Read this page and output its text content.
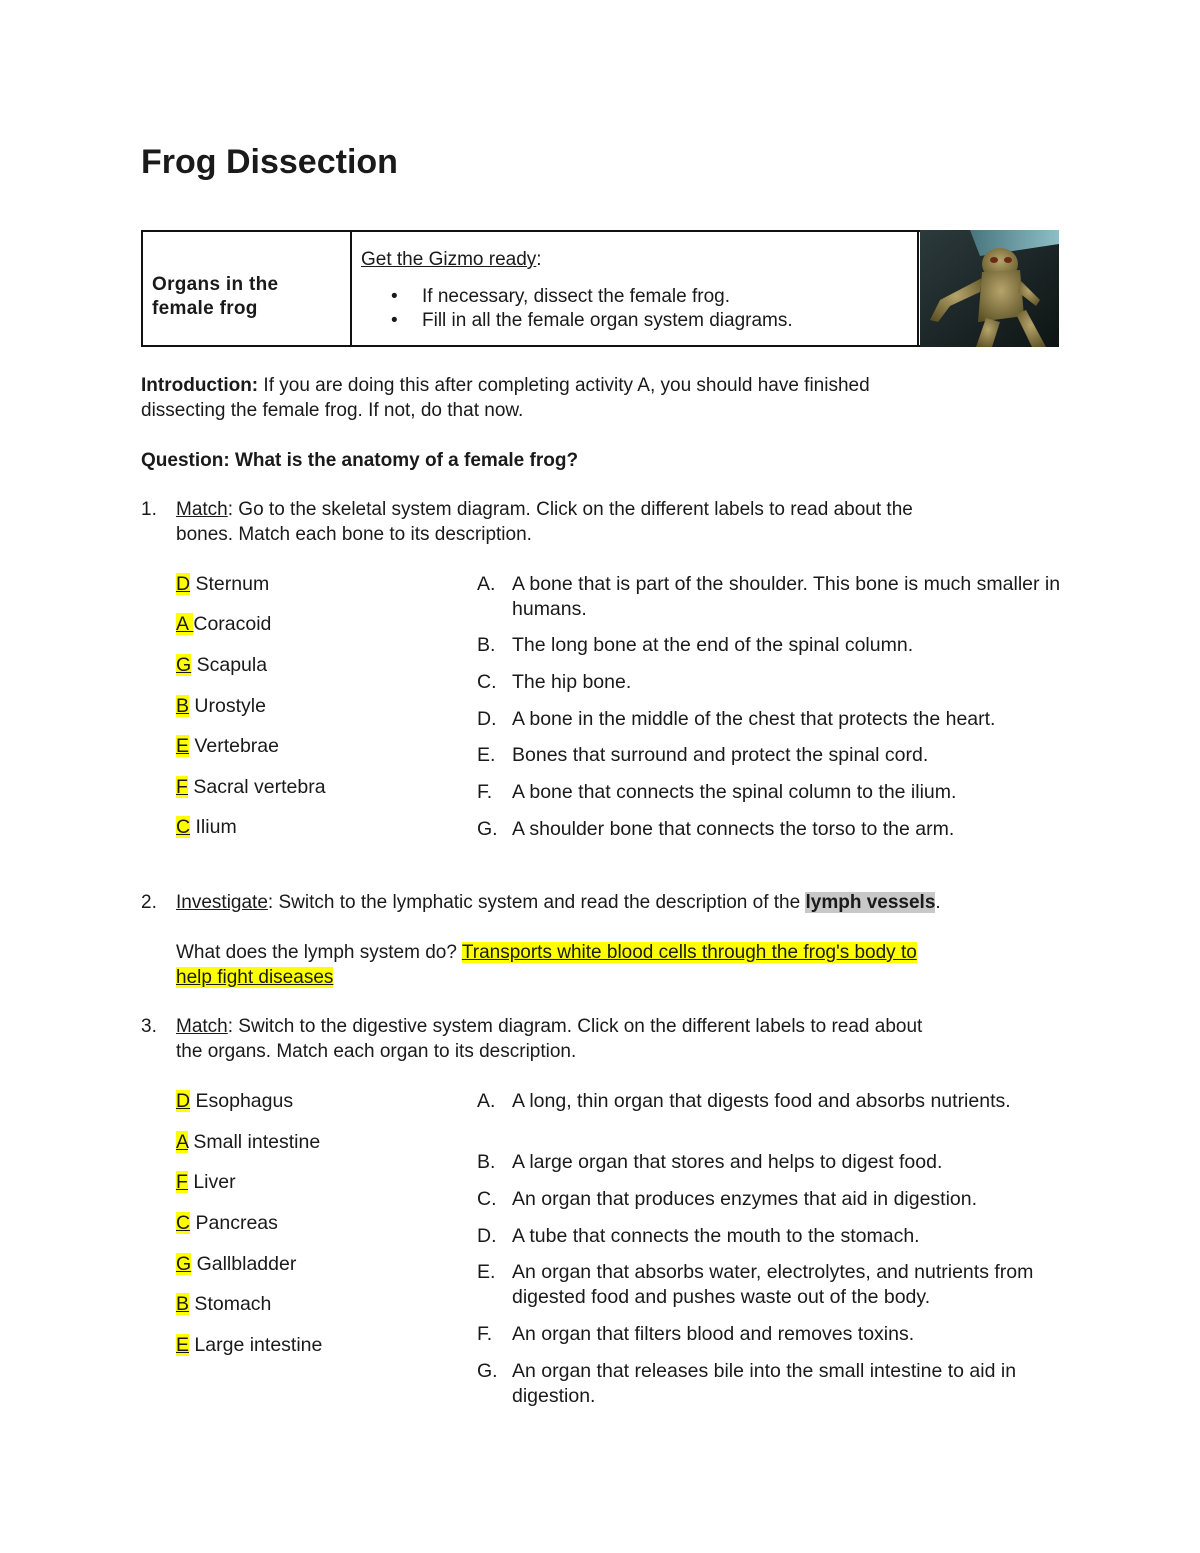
Frog Dissection
Organs in the
female frog
Get the Gizmo ready:
• If necessary, dissect the female frog.
• Fill in all the female organ system diagrams.
Introduction: If you are doing this after completing activity A, you should have finished
dissecting the female frog. If not, do that now.
Question: What is the anatomy of a female frog?
1. Match: Go to the skeletal system diagram. Click on the different labels to read about the
bones. Match each bone to its description.
D Sternum
A Coracoid
G Scapula
B Urostyle
E Vertebrae
F Sacral vertebra
C Ilium
A. A bone that is part of the shoulder. This bone is much smaller in humans.
B. The long bone at the end of the spinal column.
C. The hip bone.
D. A bone in the middle of the chest that protects the heart.
E. Bones that surround and protect the spinal cord.
F. A bone that connects the spinal column to the ilium.
G. A shoulder bone that connects the torso to the arm.
2. Investigate: Switch to the lymphatic system and read the description of the lymph vessels.
What does the lymph system do? Transports white blood cells through the frog's body to
help fight diseases
3. Match: Switch to the digestive system diagram. Click on the different labels to read about
the organs. Match each organ to its description.
D Esophagus
A Small intestine
F Liver
C Pancreas
G Gallbladder
B Stomach
E Large intestine
A. A long, thin organ that digests food and absorbs nutrients.
B. A large organ that stores and helps to digest food.
C. An organ that produces enzymes that aid in digestion.
D. A tube that connects the mouth to the stomach.
E. An organ that absorbs water, electrolytes, and nutrients from digested food and pushes waste out of the body.
F. An organ that filters blood and removes toxins.
G. An organ that releases bile into the small intestine to aid in digestion.
